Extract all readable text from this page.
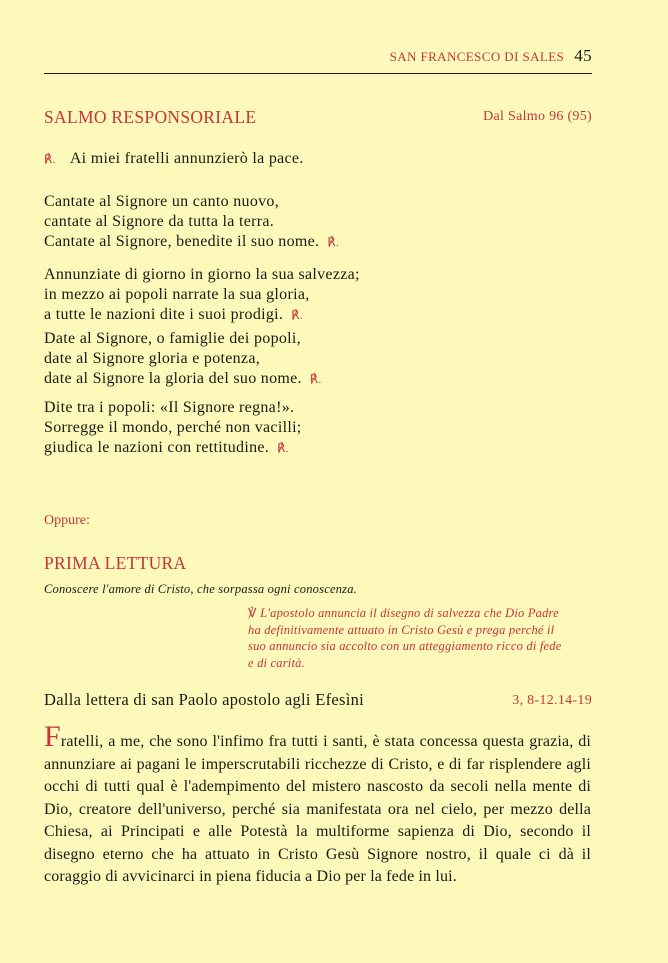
SAN FRANCESCO DI SALES 45
SALMO RESPONSORIALE	Dal Salmo 96 (95)
℟. Ai miei fratelli annunzierò la pace.
Cantate al Signore un canto nuovo,
cantate al Signore da tutta la terra.
Cantate al Signore, benedite il suo nome. ℟.
Annunziate di giorno in giorno la sua salvezza;
in mezzo ai popoli narrate la sua gloria,
a tutte le nazioni dite i suoi prodigi. ℟.
Date al Signore, o famiglie dei popoli,
date al Signore gloria e potenza,
date al Signore la gloria del suo nome. ℟.
Dite tra i popoli: «Il Signore regna!».
Sorregge il mondo, perché non vacilli;
giudica le nazioni con rettitudine. ℟.
Oppure:
PRIMA LETTURA
Conoscere l'amore di Cristo, che sorpassa ogni conoscenza.
℣ L'apostolo annuncia il disegno di salvezza che Dio Padre
ha definitivamente attuato in Cristo Gesù e prega perché il
suo annuncio sia accolto con un atteggiamento ricco di fede
e di carità.
Dalla lettera di san Paolo apostolo agli Efesìni	3, 8-12.14-19
Fratelli, a me, che sono l'infimo fra tutti i santi, è stata concessa questa grazia, di annunziare ai pagani le imperscrutabili ricchezze di Cristo, e di far risplendere agli occhi di tutti qual è l'adempimento del mistero nascosto da secoli nella mente di Dio, creatore dell'universo, perché sia manifestata ora nel cielo, per mezzo della Chiesa, ai Principati e alle Potestà la multiforme sapienza di Dio, secondo il disegno eterno che ha attuato in Cristo Gesù Signore nostro, il quale ci dà il coraggio di avvicinarci in piena fiducia a Dio per la fede in lui.
